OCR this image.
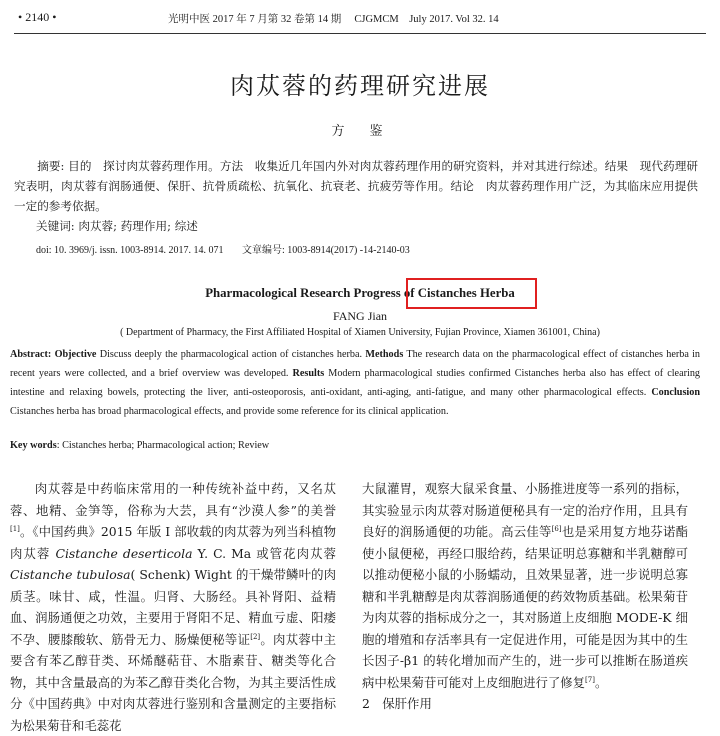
• 2140 •	光明中医 2017 年 7 月第 32 卷第 14 期　 CJGMCM　July 2017. Vol 32. 14
肉苁蓉的药理研究进展
方　鉴
摘要: 目的　探讨肉苁蓉药理作用。方法　收集近几年国内外对肉苁蓉药理作用的研究资料，并对其进行综述。结果　现代药理研究表明，肉苁蓉有润肠通便、保肝、抗骨质疏松、抗氧化、抗衰老、抗疲劳等作用。结论　肉苁蓉药理作用广泛，为其临床应用提供一定的参考依据。
关键词: 肉苁蓉; 药理作用; 综述
doi: 10. 3969/j. issn. 1003-8914. 2017. 14. 071 文章编号: 1003-8914(2017) -14-2140-03
Pharmacological Research Progress of Cistanches Herba
FANG Jian
( Department of Pharmacy, the First Affiliated Hospital of Xiamen University, Fujian Province, Xiamen 361001, China)
Abstract: Objective Discuss deeply the pharmacological action of cistanches herba. Methods The research data on the pharmacological effect of cistanches herba in recent years were collected, and a brief overview was developed. Results Modern pharmacological studies confirmed Cistanches herba also has effect of clearing intestine and relaxing bowels, protecting the liver, anti-osteoporosis, anti-oxidant, anti-aging, anti-fatigue, and many other pharmacological effects. Conclusion Cistanches herba has broad pharmacological effects, and provide some reference for its clinical application.
Key words: Cistanches herba; Pharmacological action; Review

肉苁蓉是中药临床常用的一种传统补益中药，又名苁蓉、地精、金笋等，俗称为大芸，具有“沙漠人参”的美誉[1]。《中国药典》2015 年版 Ⅰ 部收载的肉苁蓉为列当科植物肉苁蓉 Cistanche deserticola Y. C. Ma 或管花肉苁蓉 Cistanche tubulosa( Schenk) Wight 的干燥带鳞叶的肉质茎。味甘、咸，性温。归肾、大肠经。具补肾阳、益精血、润肠通便之功效，主要用于肾阳不足、精血亏虚、阳痿不孕、腰膝酸软、筋骨无力、肠燥便秘等证[2]。肉苁蓉中主要含有苯乙醇苷类、环烯醚萜苷、木脂素苷、糖类等化合物，其中含量最高的为苯乙醇苷类化合物，为其主要活性成分《中国药典》中对肉苁蓉进行鉴别和含量测定的主要指标为松果菊苷和毛蕊花

大鼠灌胃，观察大鼠采食量、小肠推进度等一系列的指标，其实验显示肉苁蓉对肠道便秘具有一定的治疗作用，且具有良好的润肠通便的功能。高云佳等[6]也是采用复方地芬诺酯使小鼠便秘，再经口服给药，结果证明总寡糖和半乳糖醇可以推动便秘小鼠的小肠蠕动，且效果显著，进一步说明总寡糖和半乳糖醇是肉苁蓉润肠通便的药效物质基础。松果菊苷为肉苁蓉的指标成分之一，其对肠道上皮细胞 MODE-K 细胞的增殖和存活率具有一定促进作用，可能是因为其中的生长因子-β1 的转化增加而产生的，进一步可以推断在肠道疾病中松果菊苷可能对上皮细胞进行了修复[7]。

2　保肝作用
